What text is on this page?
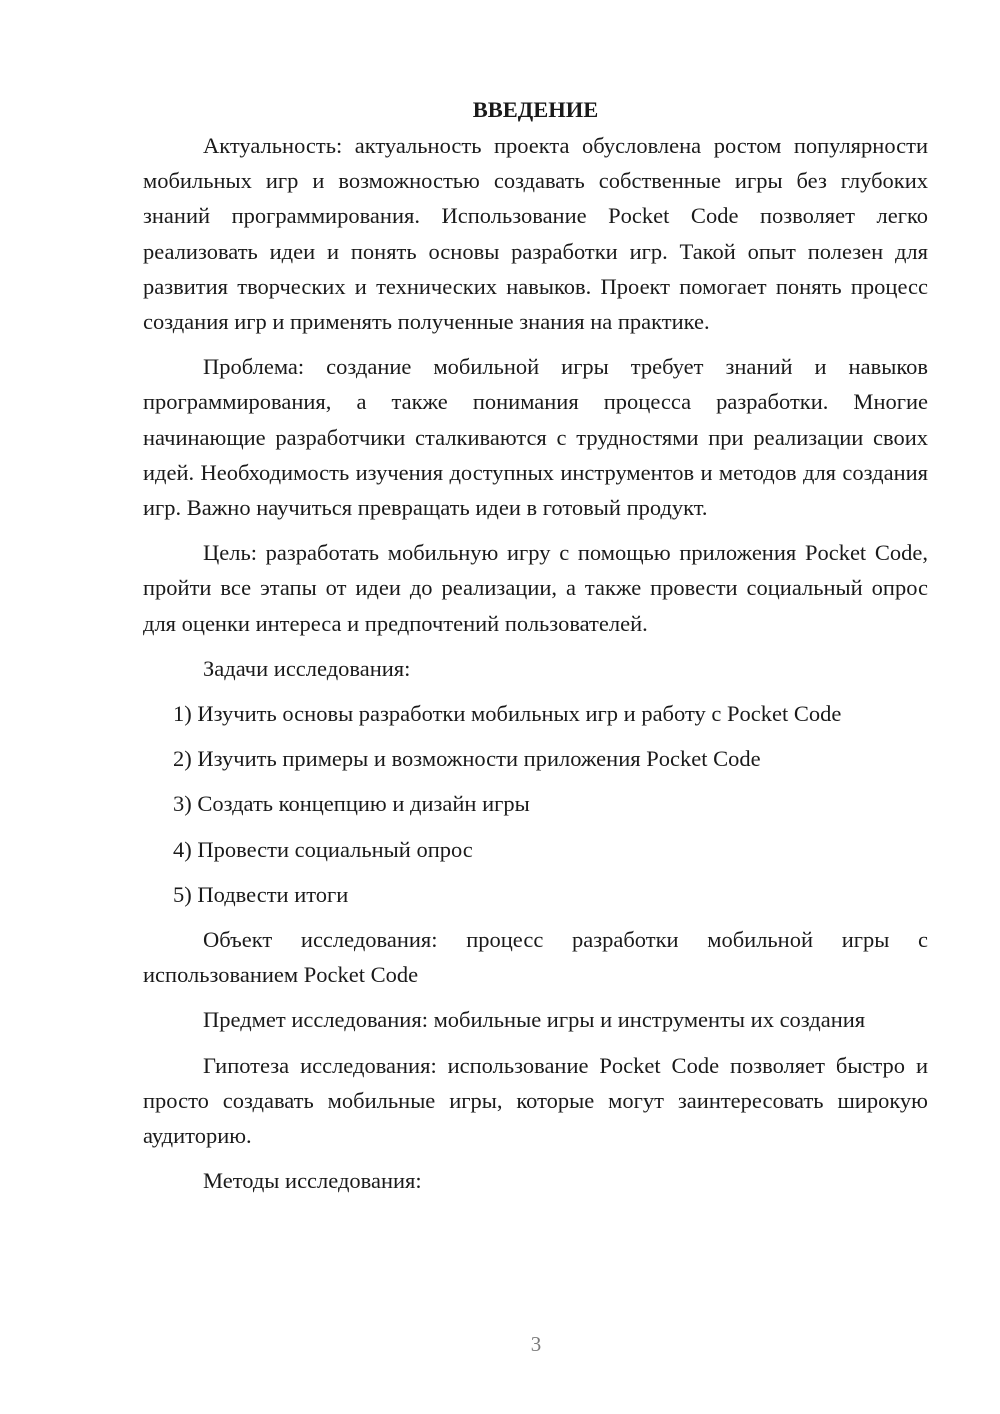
ВВЕДЕНИЕ

Актуальность: актуальность проекта обусловлена ростом популярности мобильных игр и возможностью создавать собственные игры без глубоких знаний программирования. Использование Pocket Code позволяет легко реализовать идеи и понять основы разработки игр. Такой опыт полезен для развития творческих и технических навыков. Проект помогает понять процесс создания игр и применять полученные знания на практике.

Проблема: создание мобильной игры требует знаний и навыков программирования, а также понимания процесса разработки. Многие начинающие разработчики сталкиваются с трудностями при реализации своих идей. Необходимость изучения доступных инструментов и методов для создания игр. Важно научиться превращать идеи в готовый продукт.

Цель: разработать мобильную игру с помощью приложения Pocket Code, пройти все этапы от идеи до реализации, а также провести социальный опрос для оценки интереса и предпочтений пользователей.

Задачи исследования:

1) Изучить основы разработки мобильных игр и работу с Pocket Code

2) Изучить примеры и возможности приложения Pocket Code

3) Создать концепцию и дизайн игры

4) Провести социальный опрос

5) Подвести итоги

Объект исследования: процесс разработки мобильной игры с использованием Pocket Code

Предмет исследования: мобильные игры и инструменты их создания

Гипотеза исследования: использование Pocket Code позволяет быстро и просто создавать мобильные игры, которые могут заинтересовать широкую аудиторию.

Методы исследования:

3
